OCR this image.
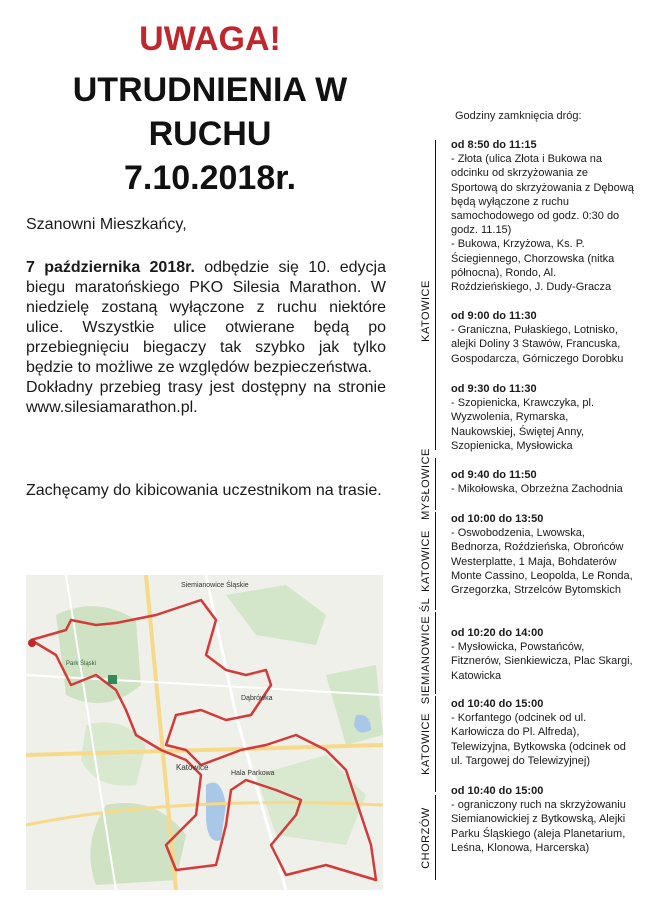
UWAGA!
UTRUDNIENIA W
RUCHU
7.10.2018r.
Szanowni Mieszkańcy,
7 października 2018r. odbędzie się 10. edycja biegu maratońskiego PKO Silesia Marathon. W niedzielę zostaną wyłączone z ruchu niektóre ulice. Wszystkie ulice otwierane będą po przebiegnięciu biegaczy tak szybko jak tylko będzie to możliwe ze względów bezpieczeństwa.
Dokładny przebieg trasy jest dostępny na stronie www.silesiamarathon.pl.
Zachęcamy do kibicowania uczestnikom na trasie.
Katowice
Siemianowice Śląskie
Hala Parkowa
Dąbrówka
Park Śląski
Godziny zamknięcia dróg:
KATOWICE
MYSŁOWICE
KATOWICE
SIEMIANOWICE ŚL
KATOWICE
CHORZÓW
od 8:50 do 11:15
- Złota (ulica Złota i Bukowa na odcinku od skrzyżowania ze Sportową do skrzyżowania z Dębową będą wyłączone z ruchu samochodowego od godz. 0:30 do godz. 11.15)
- Bukowa, Krzyżowa, Ks. P. Ściegiennego, Chorzowska (nitka północna), Rondo, Al. Roździeńskiego, J. Dudy-Gracza
od 9:00 do 11:30
- Graniczna, Pułaskiego, Lotnisko, alejki Doliny 3 Stawów, Francuska, Gospodarcza, Górniczego Dorobku
od 9:30 do 11:30
- Szopienicka, Krawczyka, pl. Wyzwolenia, Rymarska, Naukowskiej, Świętej Anny, Szopienicka, Mysłowicka
od 9:40 do 11:50
- Mikołowska, Obrzeżna Zachodnia
od 10:00 do 13:50
- Oswobodzenia, Lwowska, Bednorza, Roździeńska, Obrońców Westerplatte, 1 Maja, Bohdaterów Monte Cassino, Leopolda, Le Ronda, Grzegorzka, Strzelców Bytomskich
od 10:20 do 14:00
- Mysłowicka, Powstańców, Fitznerów, Sienkiewicza, Plac Skargi, Katowicka
od 10:40 do 15:00
- Korfantego (odcinek od ul. Karłowicza do Pl. Alfreda), Telewizyjna, Bytkowska (odcinek od ul. Targowej do Telewizyjnej)
od 10:40 do 15:00
- ograniczony ruch na skrzyżowaniu Siemianowickiej z Bytkowską, Alejki Parku Śląskiego (aleja Planetarium, Leśna, Klonowa, Harcerska)
